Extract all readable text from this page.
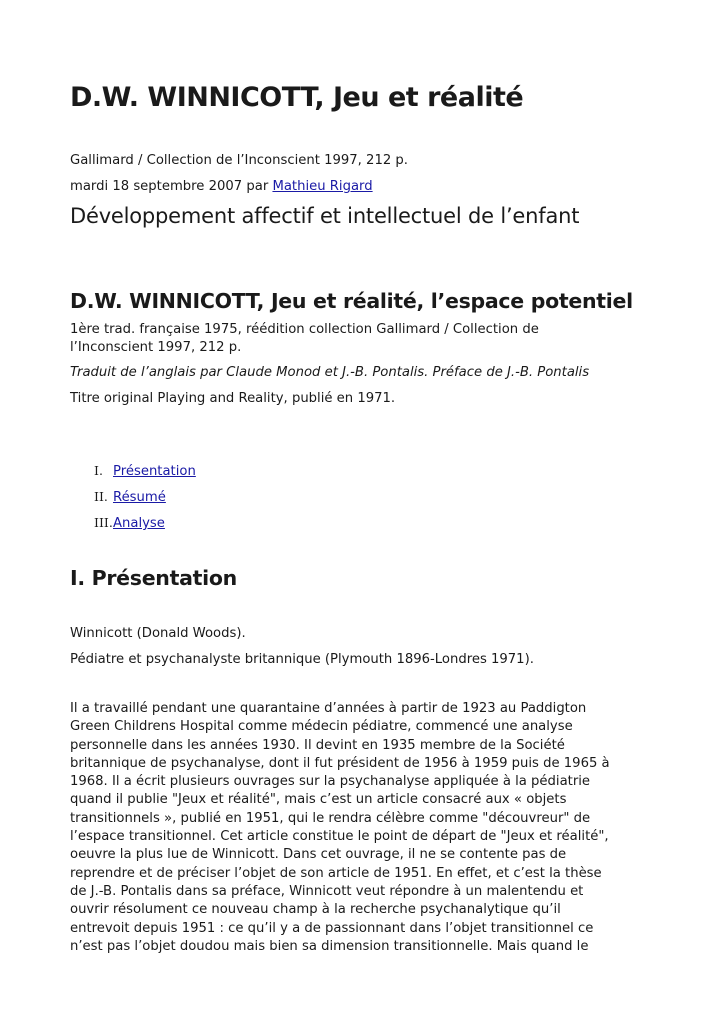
D.W. WINNICOTT, Jeu et réalité
Gallimard / Collection de l’Inconscient 1997, 212 p.
mardi 18 septembre 2007 par Mathieu Rigard
Développement affectif et intellectuel de l’enfant
D.W. WINNICOTT, Jeu et réalité, l’espace potentiel
1ère trad. française 1975, réédition collection Gallimard / Collection de l’Inconscient 1997, 212 p.
Traduit de l’anglais par Claude Monod et J.-B. Pontalis. Préface de J.-B. Pontalis
Titre original Playing and Reality, publié en 1971.
I. Présentation
II. Résumé
III.Analyse
I. Présentation
Winnicott (Donald Woods).
Pédiatre et psychanalyste britannique (Plymouth 1896-Londres 1971).
Il a travaillé pendant une quarantaine d’années à partir de 1923 au Paddigton
Green Childrens Hospital comme médecin pédiatre, commencé une analyse
personnelle dans les années 1930. Il devint en 1935 membre de la Société
britannique de psychanalyse, dont il fut président de 1956 à 1959 puis de 1965 à
1968. Il a écrit plusieurs ouvrages sur la psychanalyse appliquée à la pédiatrie
quand il publie "Jeux et réalité", mais c’est un article consacré aux « objets
transitionnels », publié en 1951, qui le rendra célèbre comme "découvreur" de
l’espace transitionnel. Cet article constitue le point de départ de "Jeux et réalité",
oeuvre la plus lue de Winnicott. Dans cet ouvrage, il ne se contente pas de
reprendre et de préciser l’objet de son article de 1951. En effet, et c’est la thèse
de J.-B. Pontalis dans sa préface, Winnicott veut répondre à un malentendu et
ouvrir résolument ce nouveau champ à la recherche psychanalytique qu’il
entrevoit depuis 1951 : ce qu’il y a de passionnant dans l’objet transitionnel ce
n’est pas l’objet doudou mais bien sa dimension transitionnelle. Mais quand le
